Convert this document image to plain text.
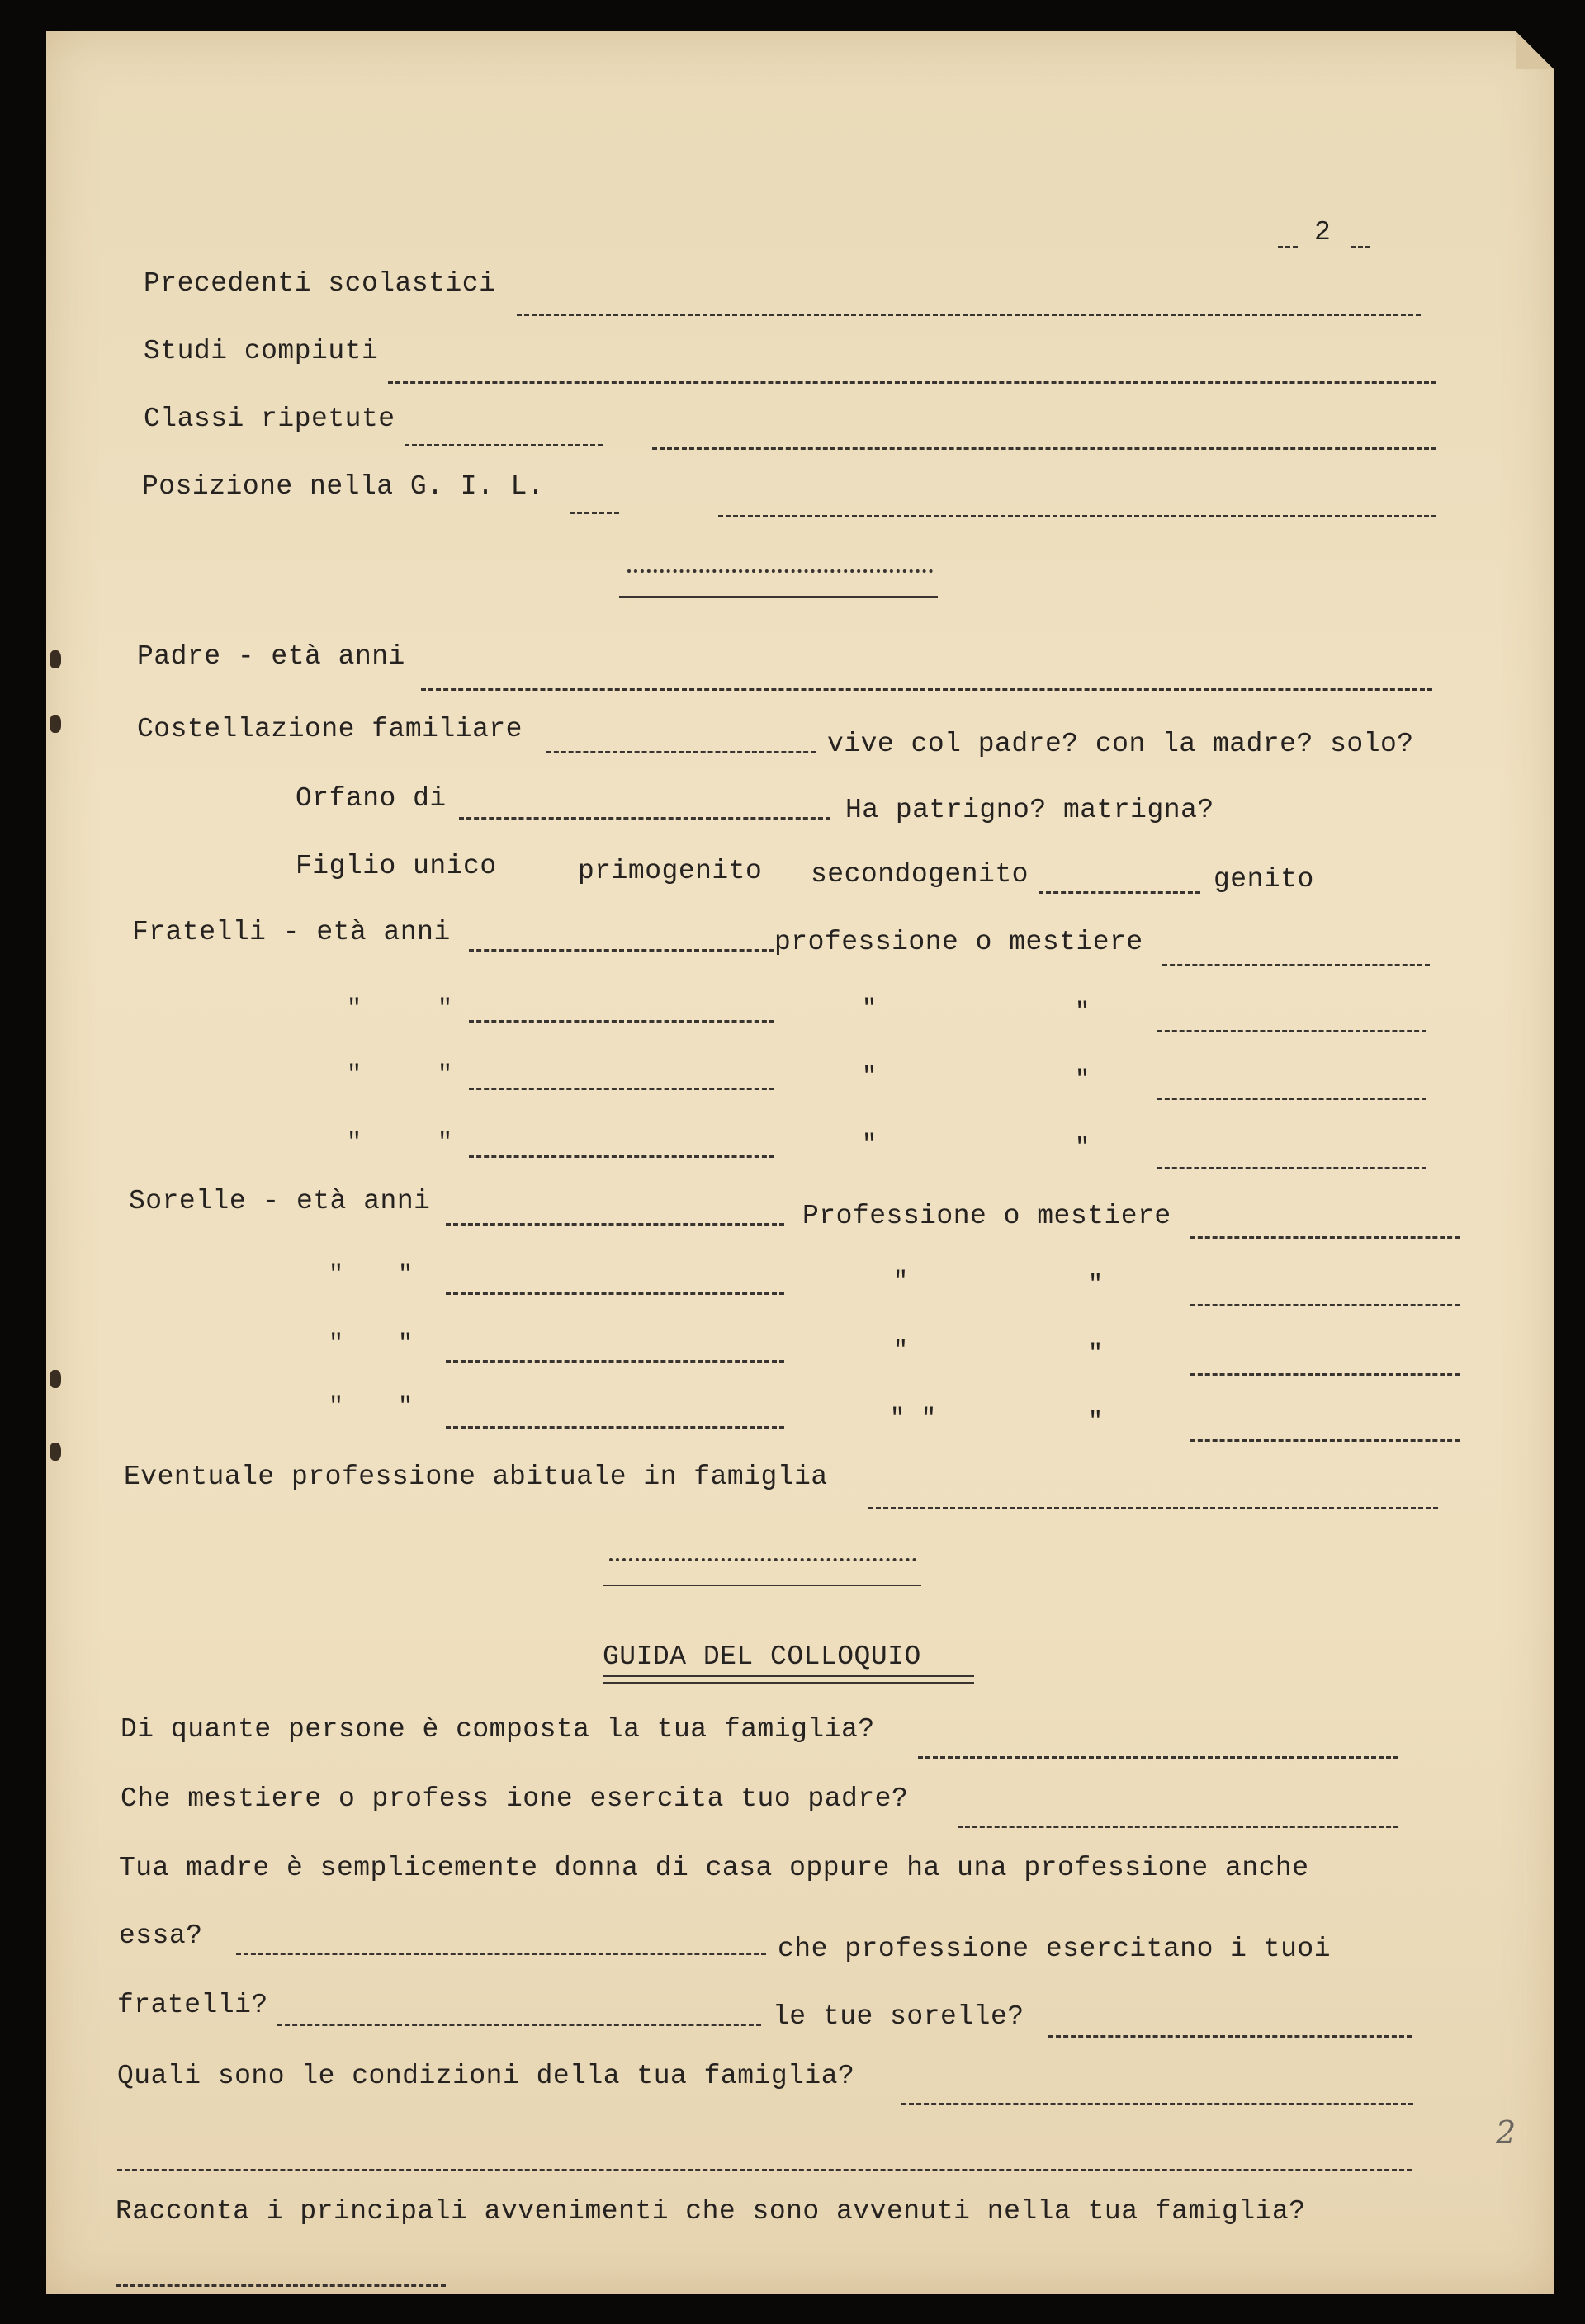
2
Precedenti scolastici
Studi compiuti
Classi ripetute
Posizione nella G. I. L.
Padre - età anni
Costellazione familiare	vive col padre? con la madre? solo?
Orfano di	Ha patrigno? matrigna?
Figlio unico	primogenito secondogenito	genito
Fratelli - età anni	professione o mestiere
"	"	"	"
"	"	"	"
"	"	"	"
Sorelle - età anni	Professione o mestiere
" "	"	"
" "	"	"
" "	" "	"
Eventuale professione abituale in famiglia
GUIDA DEL COLLOQUIO
Di quante persone è composta la tua famiglia?
Che mestiere o profess ione esercita tuo padre?
Tua madre è semplicemente donna di casa oppure ha una professione anche
essa?	che professione esercitano i tuoi
fratelli?	le tue sorelle?
Quali sono le condizioni della tua famiglia?
Racconta i principali avvenimenti che sono avvenuti nella tua famiglia?
2
